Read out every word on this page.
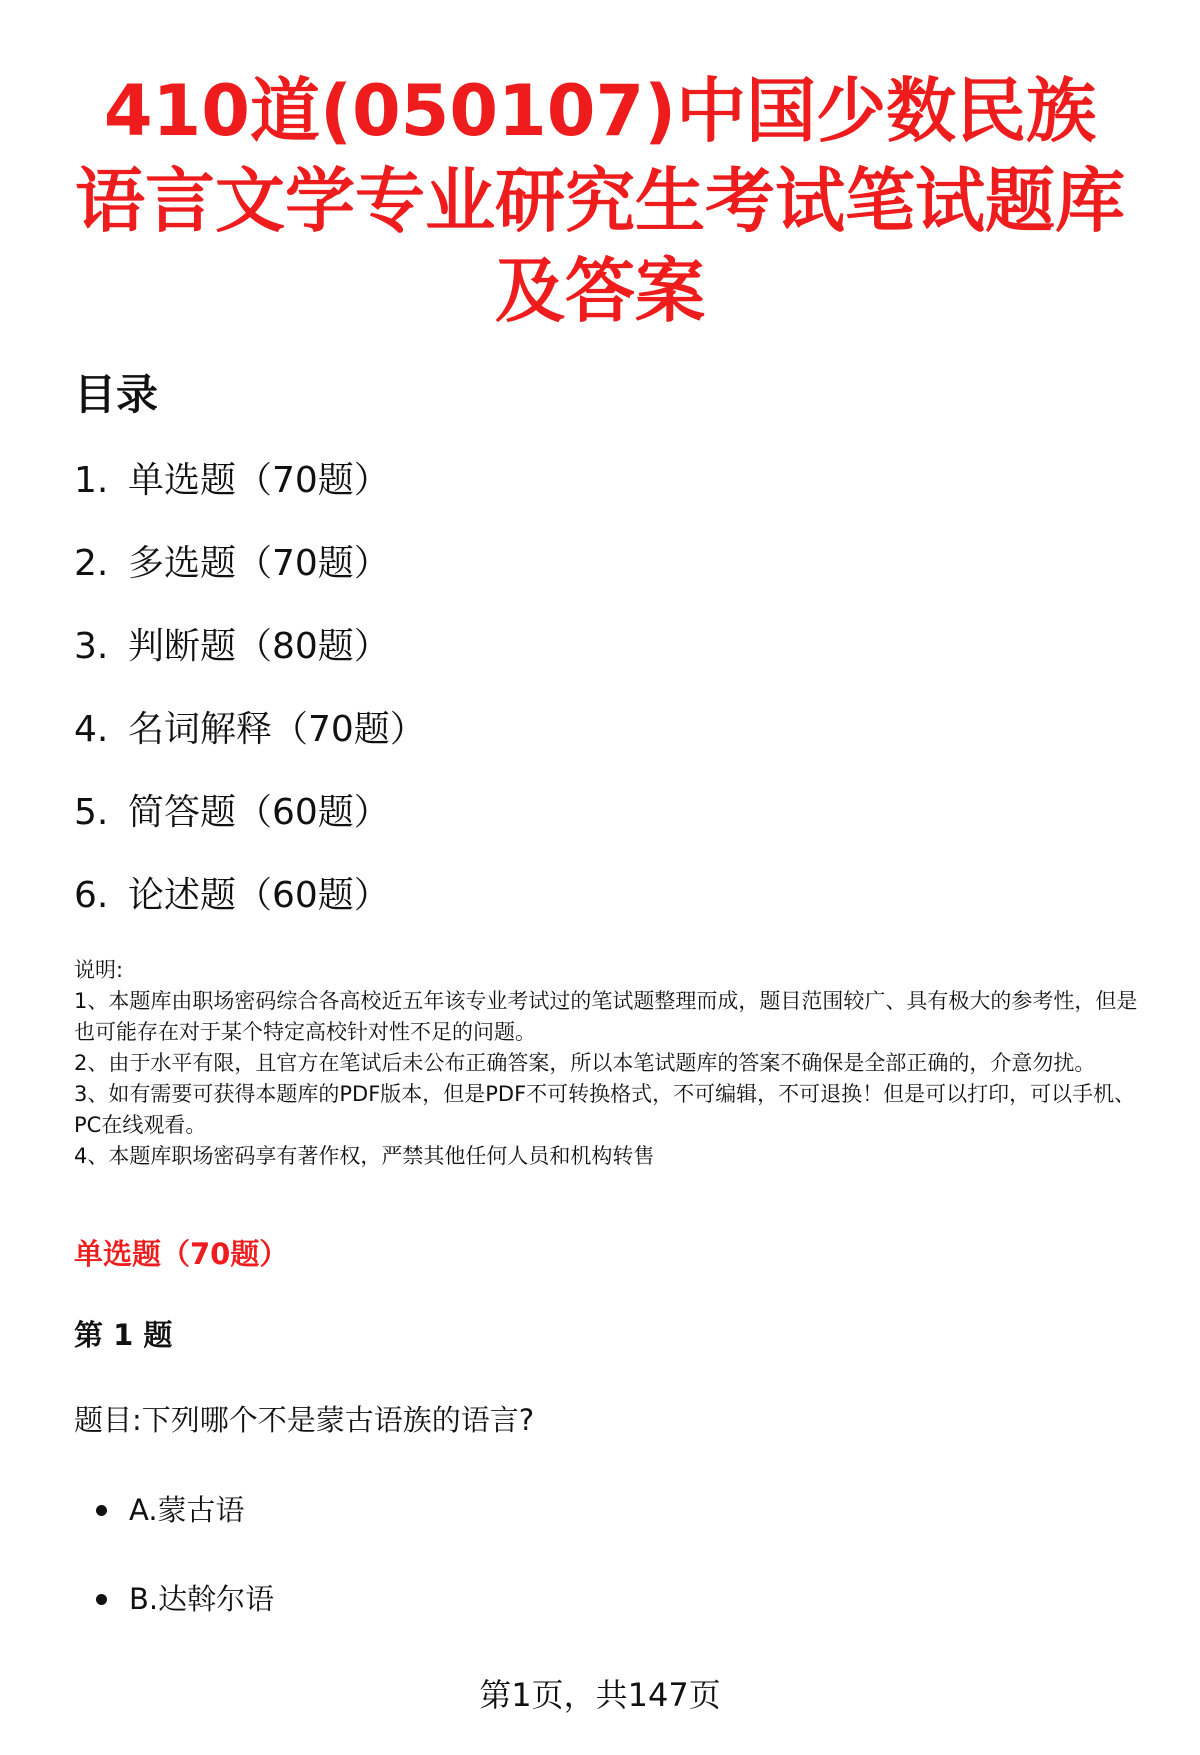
410道(050107)中国少数民族语言文学专业研究生考试笔试题库及答案
目录
1. 单选题（70题）
2. 多选题（70题）
3. 判断题（80题）
4. 名词解释（70题）
5. 简答题（60题）
6. 论述题（60题）

说明:

1、本题库由职场密码综合各高校近五年该专业考试过的笔试题整理而成，题目范围较广、具有极大的参考性，但是也可能存在对于某个特定高校针对性不足的问题。

2、由于水平有限，且官方在笔试后未公布正确答案，所以本笔试题库的答案不确保是全部正确的，介意勿扰。

3、如有需要可获得本题库的PDF版本，但是PDF不可转换格式，不可编辑，不可退换！但是可以打印，可以手机、PC在线观看。

4、本题库职场密码享有著作权，严禁其他任何人员和机构转售

单选题（70题）
第 1 题

题目:下列哪个不是蒙古语族的语言?

A.蒙古语
B.达斡尔语
第1页，共147页
